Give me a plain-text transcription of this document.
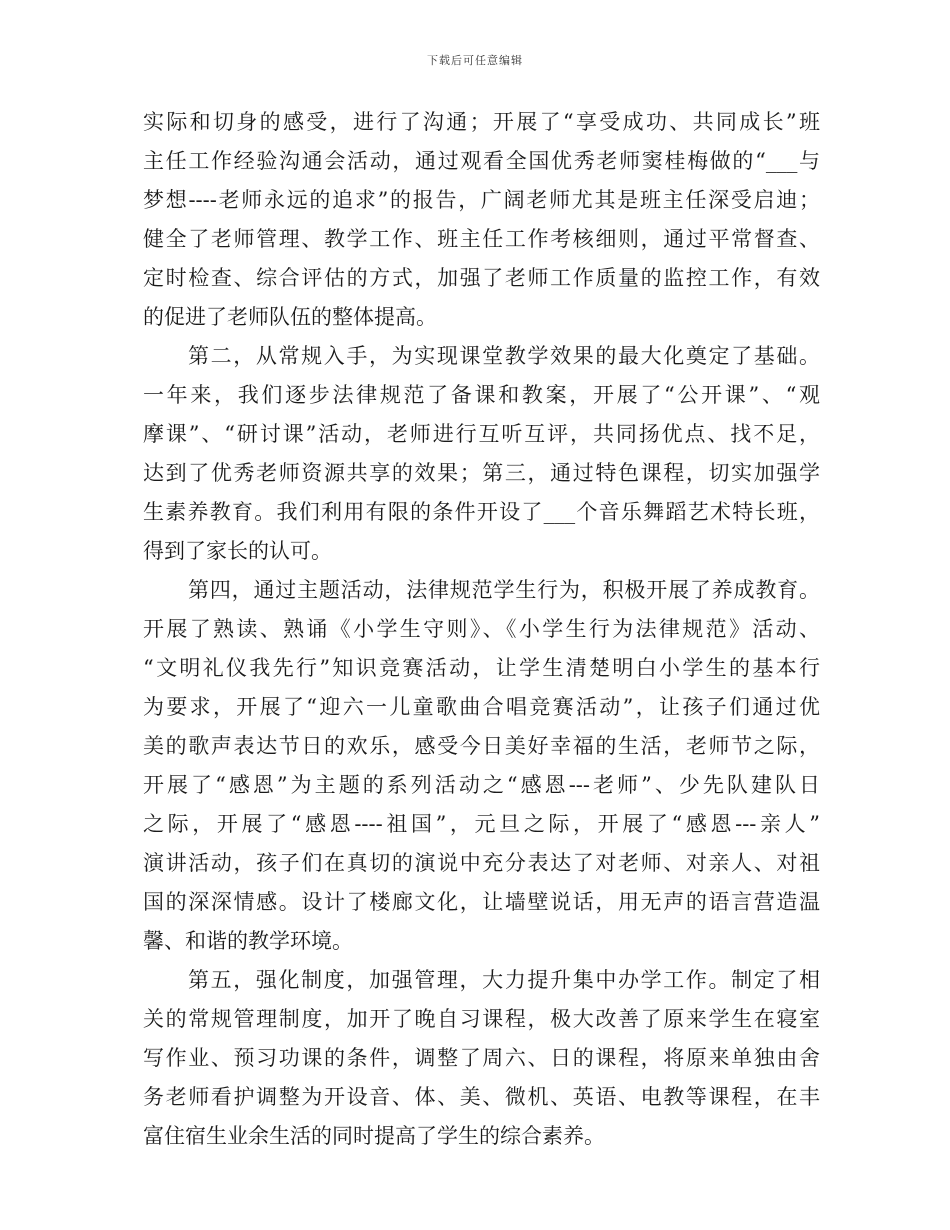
下载后可任意编辑
实际和切身的感受，进行了沟通；开展了“享受成功、共同成长”班
主任工作经验沟通会活动，通过观看全国优秀老师窦桂梅做的“___与
梦想----老师永远的追求”的报告，广阔老师尤其是班主任深受启迪；
健全了老师管理、教学工作、班主任工作考核细则，通过平常督查、
定时检查、综合评估的方式，加强了老师工作质量的监控工作，有效
的促进了老师队伍的整体提高。
第二，从常规入手，为实现课堂教学效果的最大化奠定了基础。
一年来，我们逐步法律规范了备课和教案，开展了“公开课”、“观
摩课”、“研讨课”活动，老师进行互听互评，共同扬优点、找不足，
达到了优秀老师资源共享的效果；第三，通过特色课程，切实加强学
生素养教育。我们利用有限的条件开设了___个音乐舞蹈艺术特长班，
得到了家长的认可。
第四，通过主题活动，法律规范学生行为，积极开展了养成教育。
开展了熟读、熟诵《小学生守则》、《小学生行为法律规范》活动、
“文明礼仪我先行”知识竞赛活动，让学生清楚明白小学生的基本行
为要求，开展了“迎六一儿童歌曲合唱竞赛活动”，让孩子们通过优
美的歌声表达节日的欢乐，感受今日美好幸福的生活，老师节之际，
开展了“感恩”为主题的系列活动之“感恩---老师”、少先队建队日
之际，开展了“感恩----祖国”，元旦之际，开展了“感恩---亲人”
演讲活动，孩子们在真切的演说中充分表达了对老师、对亲人、对祖
国的深深情感。设计了楼廊文化，让墙壁说话，用无声的语言营造温
馨、和谐的教学环境。
第五，强化制度，加强管理，大力提升集中办学工作。制定了相
关的常规管理制度，加开了晚自习课程，极大改善了原来学生在寝室
写作业、预习功课的条件，调整了周六、日的课程，将原来单独由舍
务老师看护调整为开设音、体、美、微机、英语、电教等课程，在丰
富住宿生业余生活的同时提高了学生的综合素养。
